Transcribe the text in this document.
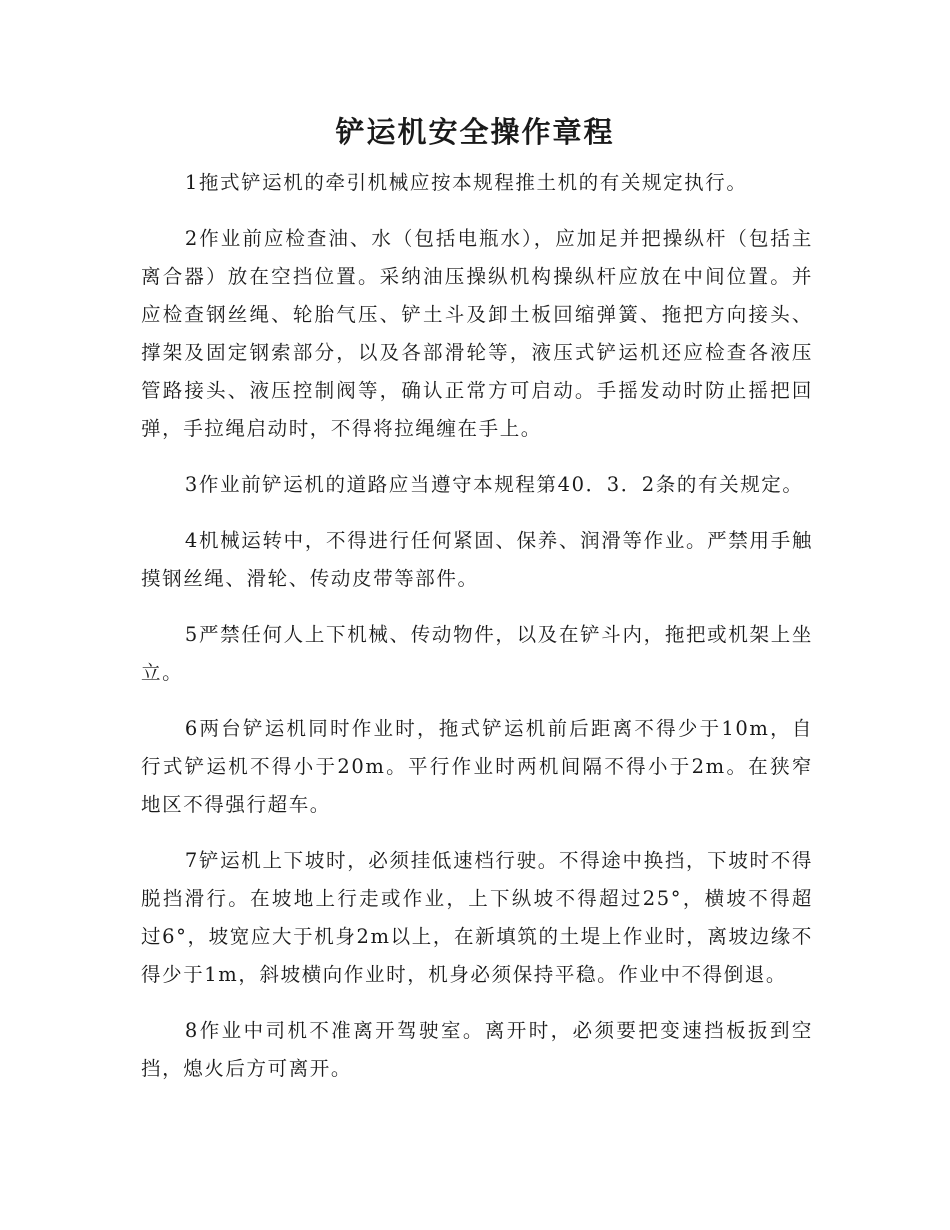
铲运机安全操作章程

1拖式铲运机的牵引机械应按本规程推土机的有关规定执行。

2作业前应检查油、水（包括电瓶水），应加足并把操纵杆（包括主离合器）放在空挡位置。采纳油压操纵机构操纵杆应放在中间位置。并应检查钢丝绳、轮胎气压、铲土斗及卸土板回缩弹簧、拖把方向接头、撑架及固定钢索部分，以及各部滑轮等，液压式铲运机还应检查各液压管路接头、液压控制阀等，确认正常方可启动。手摇发动时防止摇把回弹，手拉绳启动时，不得将拉绳缠在手上。

3作业前铲运机的道路应当遵守本规程第40．3．2条的有关规定。

4机械运转中，不得进行任何紧固、保养、润滑等作业。严禁用手触摸钢丝绳、滑轮、传动皮带等部件。

5严禁任何人上下机械、传动物件，以及在铲斗内，拖把或机架上坐立。

6两台铲运机同时作业时，拖式铲运机前后距离不得少于10m，自行式铲运机不得小于20m。平行作业时两机间隔不得小于2m。在狭窄地区不得强行超车。

7铲运机上下坡时，必须挂低速档行驶。不得途中换挡，下坡时不得脱挡滑行。在坡地上行走或作业，上下纵坡不得超过25°，横坡不得超过6°，坡宽应大于机身2m以上，在新填筑的土堤上作业时，离坡边缘不得少于1m，斜坡横向作业时，机身必须保持平稳。作业中不得倒退。

8作业中司机不准离开驾驶室。离开时，必须要把变速挡板扳到空挡，熄火后方可离开。
